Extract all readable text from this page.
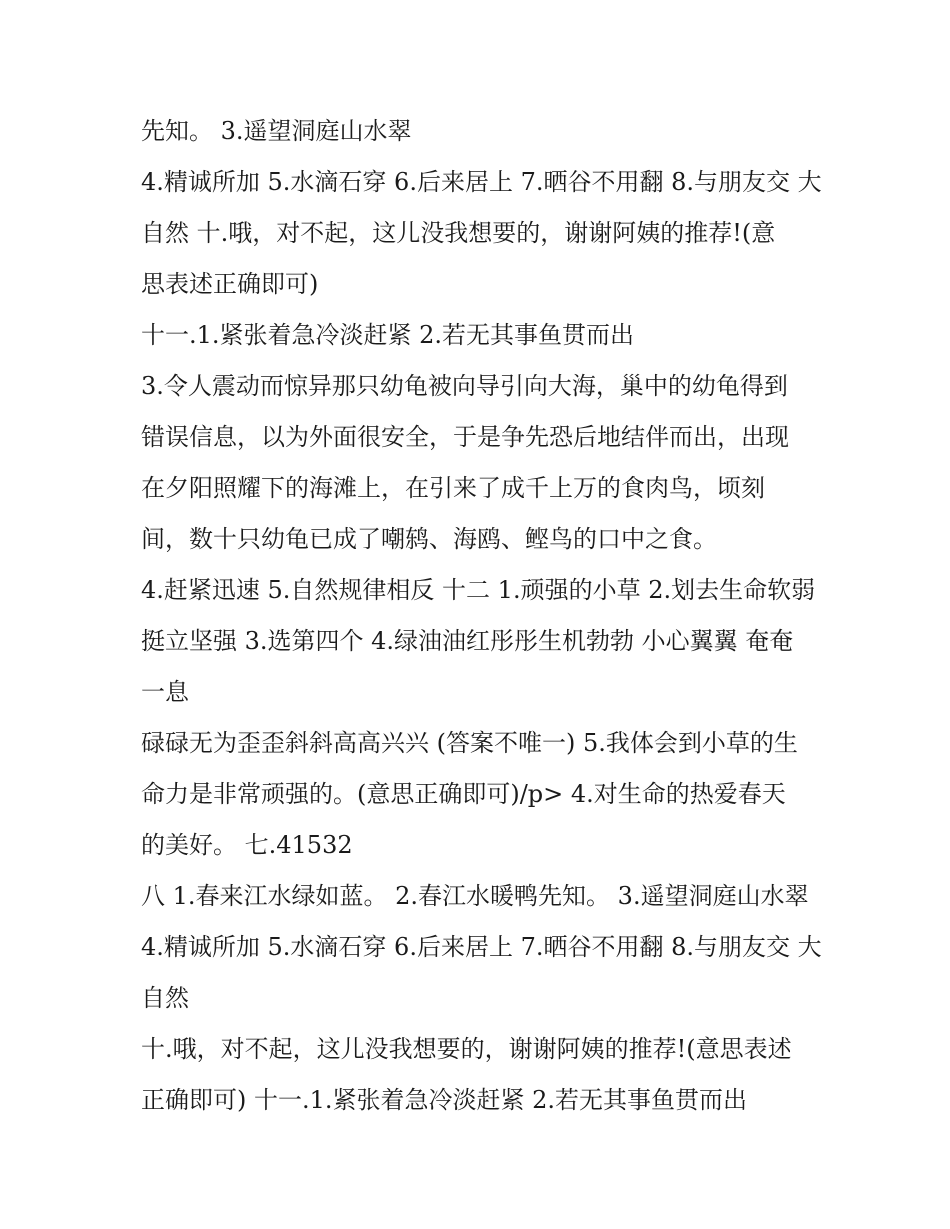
先知。 3.遥望洞庭山水翠
4.精诚所加 5.水滴石穿 6.后来居上 7.晒谷不用翻 8.与朋友交 大
自然 十.哦，对不起，这儿没我想要的，谢谢阿姨的推荐!(意
思表述正确即可)
十一.1.紧张着急冷淡赶紧 2.若无其事鱼贯而出
3.令人震动而惊异那只幼龟被向导引向大海，巢中的幼龟得到
错误信息，以为外面很安全，于是争先恐后地结伴而出，出现
在夕阳照耀下的海滩上，在引来了成千上万的食肉鸟，顷刻
间，数十只幼龟已成了嘲鸫、海鸥、鲣鸟的口中之食。
4.赶紧迅速 5.自然规律相反 十二 1.顽强的小草 2.划去生命软弱
挺立坚强 3.选第四个 4.绿油油红彤彤生机勃勃 小心翼翼 奄奄
一息
碌碌无为歪歪斜斜高高兴兴 (答案不唯一) 5.我体会到小草的生
命力是非常顽强的。(意思正确即可)/p> 4.对生命的热爱春天
的美好。 七.41532
八 1.春来江水绿如蓝。 2.春江水暖鸭先知。 3.遥望洞庭山水翠
4.精诚所加 5.水滴石穿 6.后来居上 7.晒谷不用翻 8.与朋友交 大
自然
十.哦，对不起，这儿没我想要的，谢谢阿姨的推荐!(意思表述
正确即可) 十一.1.紧张着急冷淡赶紧 2.若无其事鱼贯而出
